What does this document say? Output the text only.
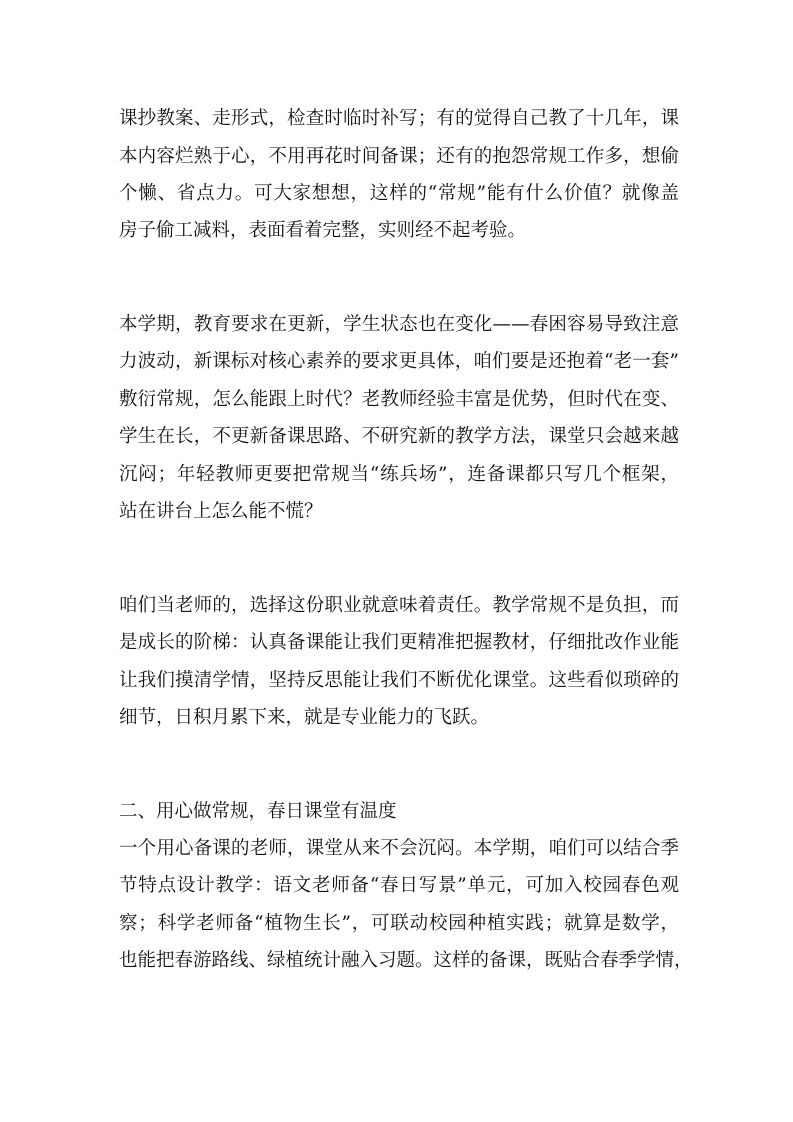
课抄教案、走形式，检查时临时补写；有的觉得自己教了十几年，课
本内容烂熟于心，不用再花时间备课；还有的抱怨常规工作多，想偷
个懒、省点力。可大家想想，这样的“常规”能有什么价值？就像盖
房子偷工减料，表面看着完整，实则经不起考验。
本学期，教育要求在更新，学生状态也在变化——春困容易导致注意
力波动，新课标对核心素养的要求更具体，咱们要是还抱着“老一套”
敷衍常规，怎么能跟上时代？老教师经验丰富是优势，但时代在变、
学生在长，不更新备课思路、不研究新的教学方法，课堂只会越来越
沉闷；年轻教师更要把常规当“练兵场”，连备课都只写几个框架，
站在讲台上怎么能不慌？
咱们当老师的，选择这份职业就意味着责任。教学常规不是负担，而
是成长的阶梯：认真备课能让我们更精准把握教材，仔细批改作业能
让我们摸清学情，坚持反思能让我们不断优化课堂。这些看似琐碎的
细节，日积月累下来，就是专业能力的飞跃。
二、用心做常规，春日课堂有温度
一个用心备课的老师，课堂从来不会沉闷。本学期，咱们可以结合季
节特点设计教学：语文老师备“春日写景”单元，可加入校园春色观
察；科学老师备“植物生长”，可联动校园种植实践；就算是数学，
也能把春游路线、绿植统计融入习题。这样的备课，既贴合春季学情，
